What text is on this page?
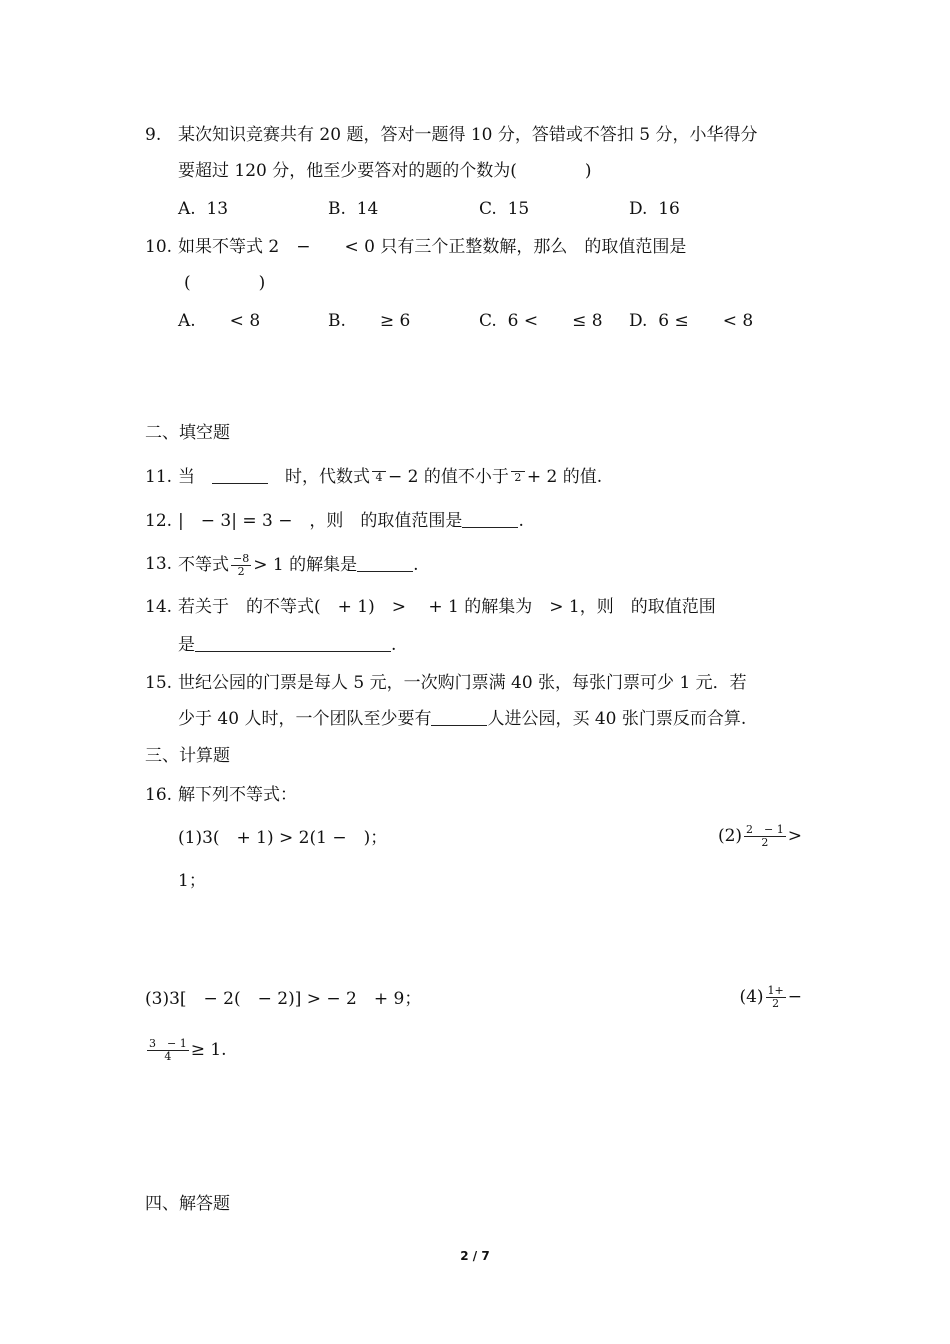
9. 某次知识竞赛共有 20 题，答对一题得 10 分，答错或不答扣 5 分，小华得分
要超过 120 分，他至少要答对的题的个数为(　　　　)
A.  13	B.  14	C.  15	D.  16
10. 如果不等式 2　−　　< 0 只有三个正整数解，那么　的取值范围是
(　　　　)
A.　　< 8	B.　　≥ 6	C.  6 <　　≤ 8 D.  6 ≤　　< 8
二、填空题
11. 当　　	时，代数式 4 − 2 的值不小于 2 + 2 的值.
12. |　− 3| = 3 −　，则　的取值范围是	.
13. 不等式 $\frac{-8}{2} > 1$ 的解集是	.
14. 若关于　的不等式(　+ 1)　>　 + 1 的解集为　> 1，则　的取值范围
是	.
15. 世纪公园的门票是每人 5 元，一次购门票满 40 张，每张门票可少 1 元．若
少于 40 人时，一个团队至少要有	人进公园，买 40 张门票反而合算.
三、计算题
16. 解下列不等式：
(1)3(　+ 1) > 2(1 −　)；	$(2) \frac{2 - 1}{2}$ >
1；
(3)3[　− 2(　− 2)] > − 2　+ 9；	$(4) \frac{1+}{2}$ −
$\frac{3 - 1}{4} \ge 1$.
四、解答题
2 / 7
